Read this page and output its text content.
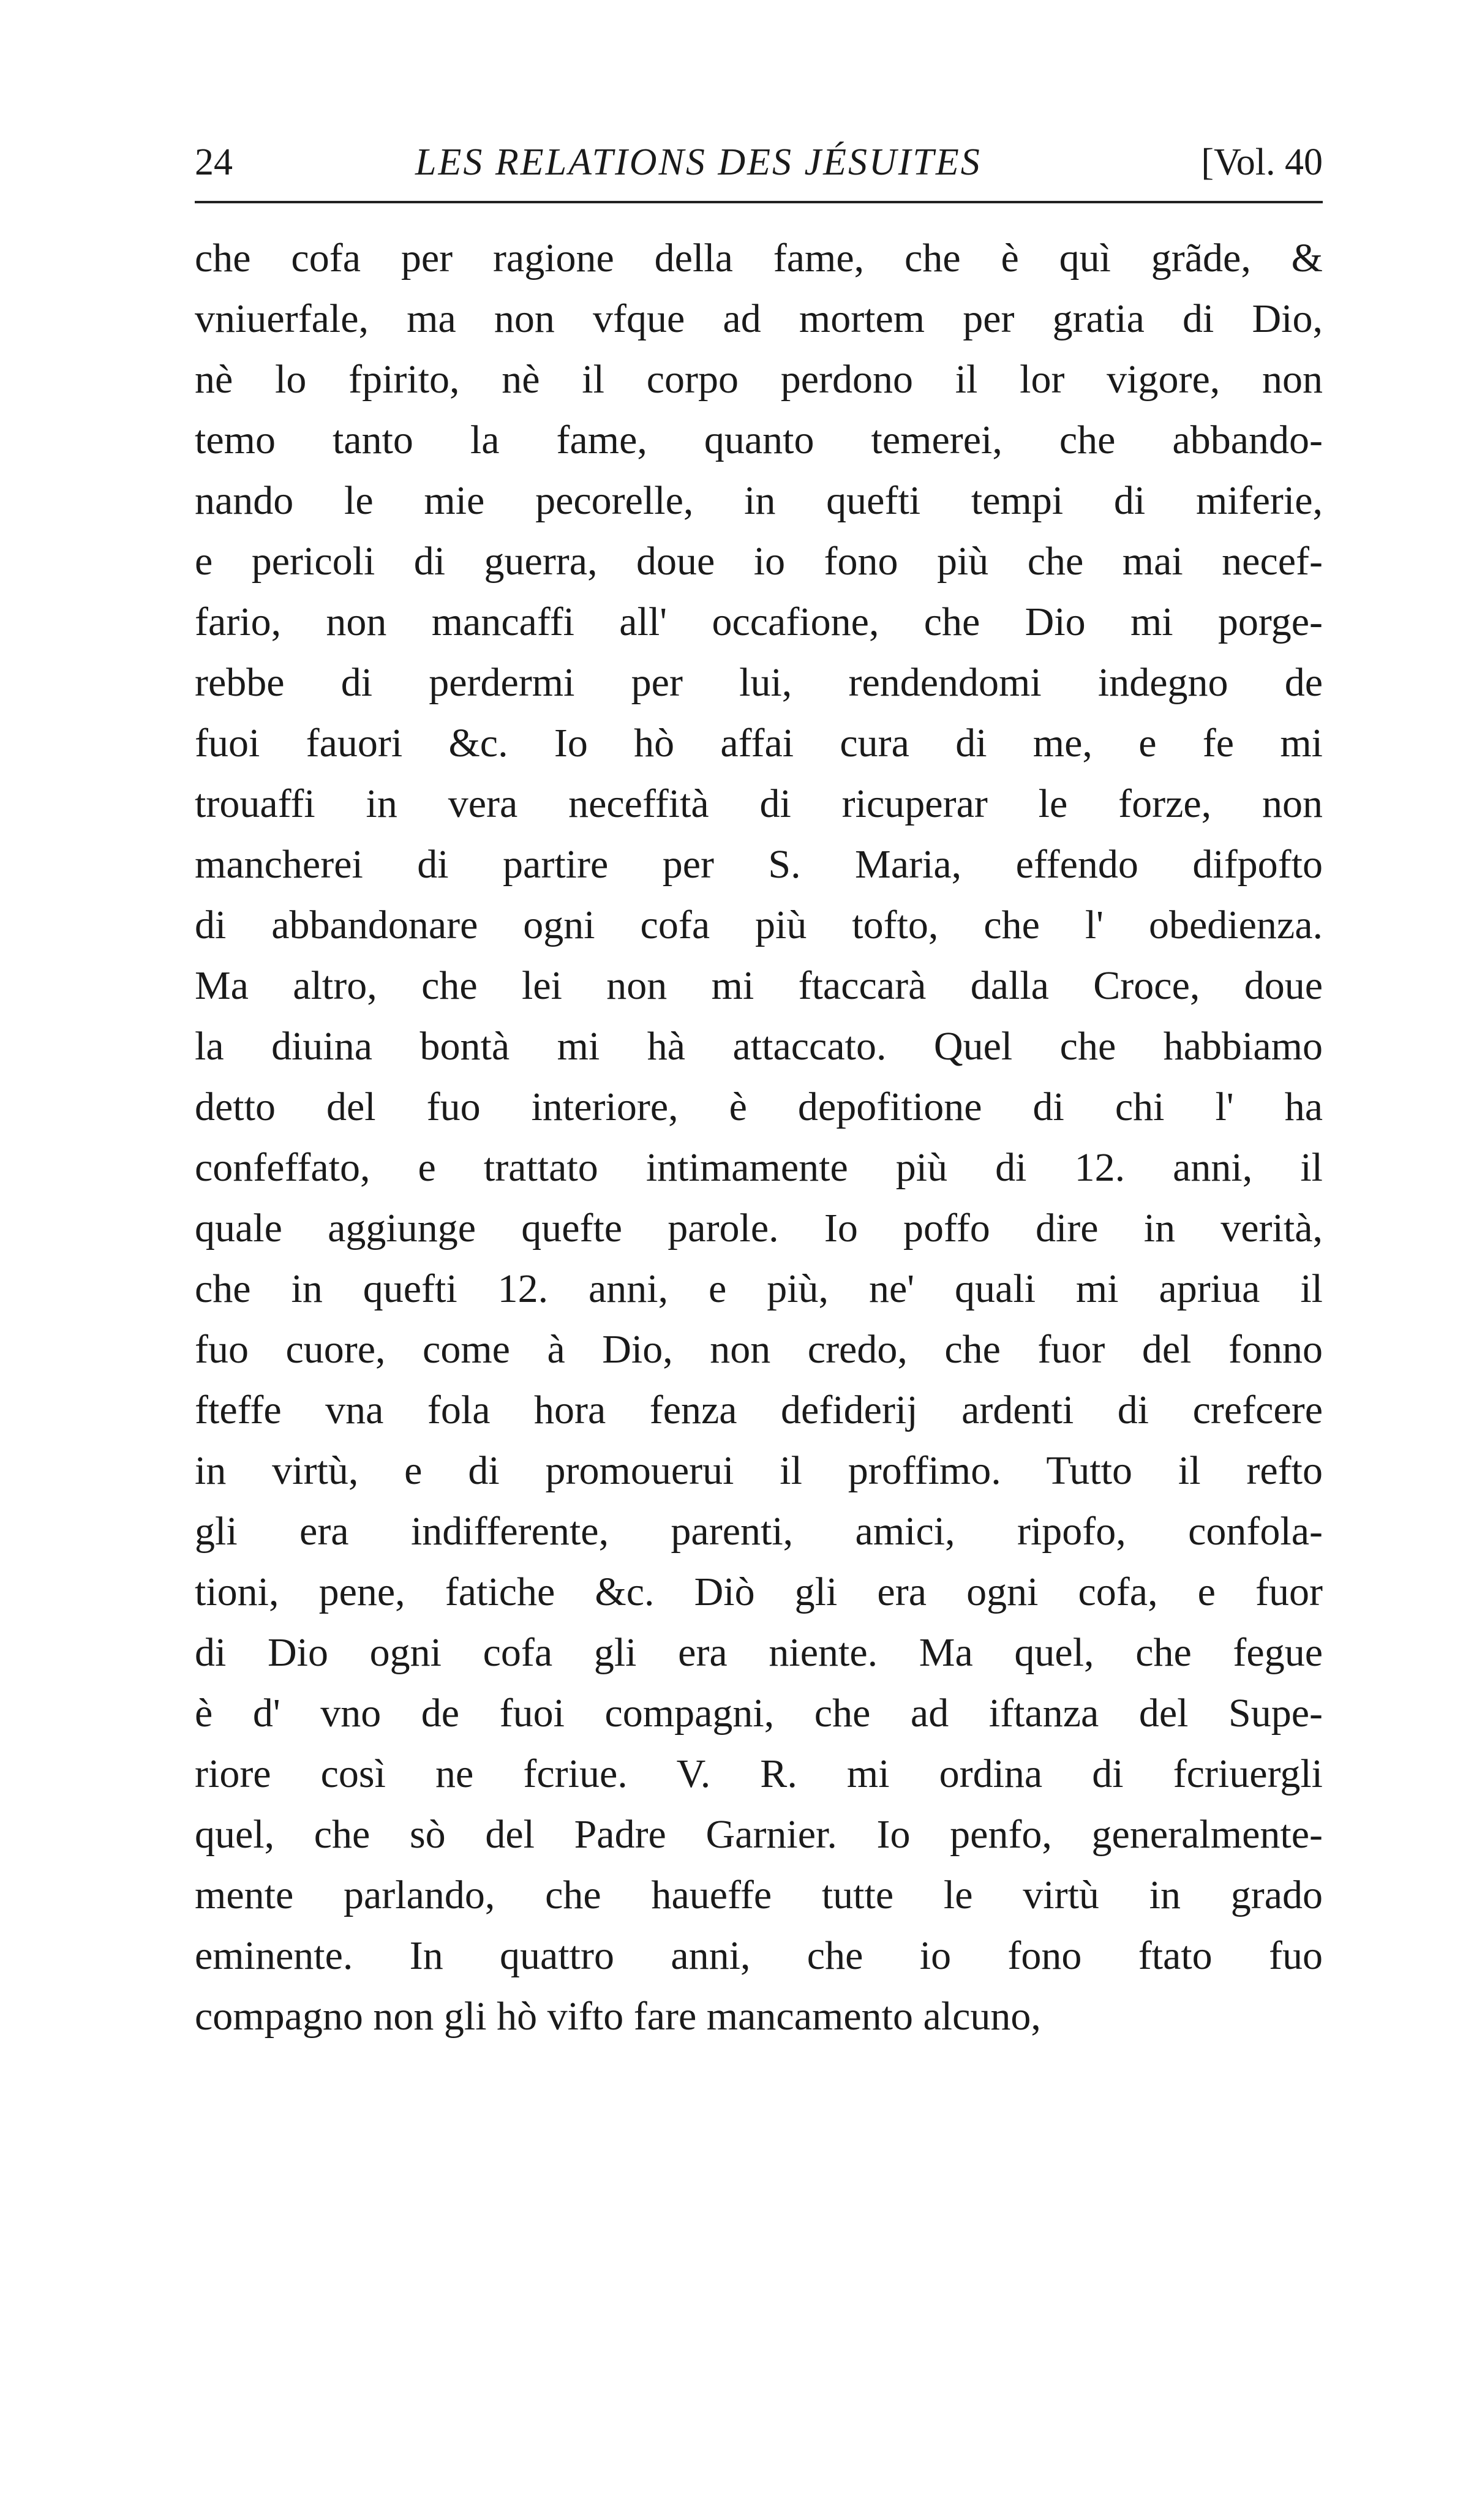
24	LES RELATIONS DES JÉSUITES	[Vol. 40
che cofa per ragione della fame, che è quì grãde, &
vniuerfale, ma non vfque ad mortem per gratia di Dio,
nè lo fpirito, nè il corpo perdono il lor vigore, non
temo tanto la fame, quanto temerei, che abbando-
nando le mie pecorelle, in quefti tempi di miferie,
e pericoli di guerra, doue io fono più che mai necef-
fario, non mancaffi all' occafione, che Dio mi porge-
rebbe di perdermi per lui, rendendomi indegno de
fuoi fauori &c. Io hò affai cura di me, e fe mi
trouaffi in vera neceffità di ricuperar le forze, non
mancherei di partire per S. Maria, effendo difpofto
di abbandonare ogni cofa più tofto, che l' obedienza.
Ma altro, che lei non mi ftaccarà dalla Croce, doue
la diuina bontà mi hà attaccato. Quel che habbiamo
detto del fuo interiore, è depofitione di chi l' ha
confeffato, e trattato intimamente più di 12. anni, il
quale aggiunge quefte parole. Io poffo dire in verità,
che in quefti 12. anni, e più, ne' quali mi apriua il
fuo cuore, come à Dio, non credo, che fuor del fonno
fteffe vna fola hora fenza defiderij ardenti di crefcere
in virtù, e di promouerui il proffimo. Tutto il refto
gli era indifferente, parenti, amici, ripofo, confola-
tioni, pene, fatiche &c. Diò gli era ogni cofa, e fuor
di Dio ogni cofa gli era niente. Ma quel, che fegue
è d' vno de fuoi compagni, che ad iftanza del Supe-
riore così ne fcriue. V. R. mi ordina di fcriuergli
quel, che sò del Padre Garnier. Io penfo, generalmente-
mente parlando, che haueffe tutte le virtù in grado
eminente. In quattro anni, che io fono ftato fuo
compagno non gli hò vifto fare mancamento alcuno,
